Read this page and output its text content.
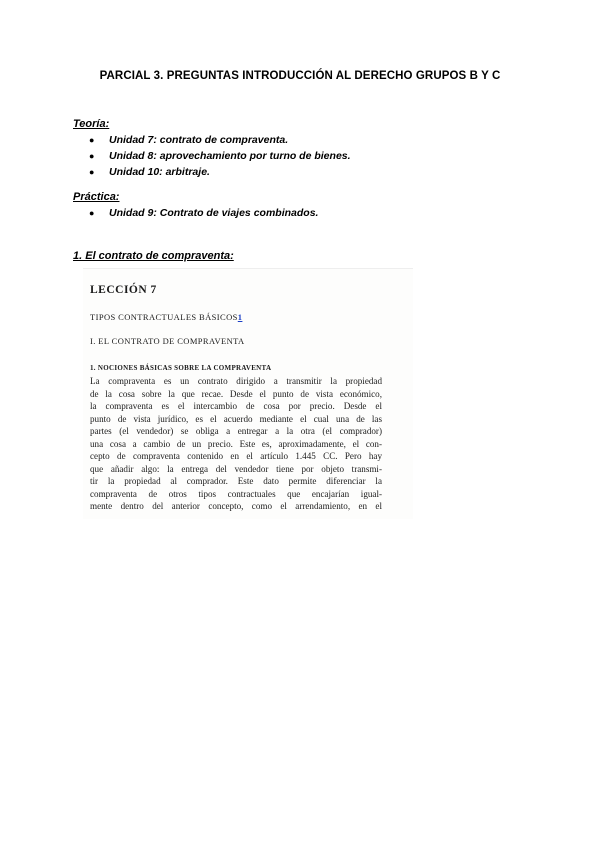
PARCIAL 3. PREGUNTAS INTRODUCCIÓN AL DERECHO GRUPOS B Y C
Teoría:
● Unidad 7: contrato de compraventa.
● Unidad 8: aprovechamiento por turno de bienes.
● Unidad 10: arbitraje.
Práctica:
● Unidad 9: Contrato de viajes combinados.
1. El contrato de compraventa:
LECCIÓN 7
TIPOS CONTRACTUALES BÁSICOS1
I. EL CONTRATO DE COMPRAVENTA
1. NOCIONES BÁSICAS SOBRE LA COMPRAVENTA
La compraventa es un contrato dirigido a transmitir la propiedad
de la cosa sobre la que recae. Desde el punto de vista económico,
la compraventa es el intercambio de cosa por precio. Desde el
punto de vista jurídico, es el acuerdo mediante el cual una de las
partes (el vendedor) se obliga a entregar a la otra (el comprador)
una cosa a cambio de un precio. Este es, aproximadamente, el con-
cepto de compraventa contenido en el artículo 1.445 CC. Pero hay
que añadir algo: la entrega del vendedor tiene por objeto transmi-
tir la propiedad al comprador. Este dato permite diferenciar la
compraventa de otros tipos contractuales que encajarían igual-
mente dentro del anterior concepto, como el arrendamiento, en el
